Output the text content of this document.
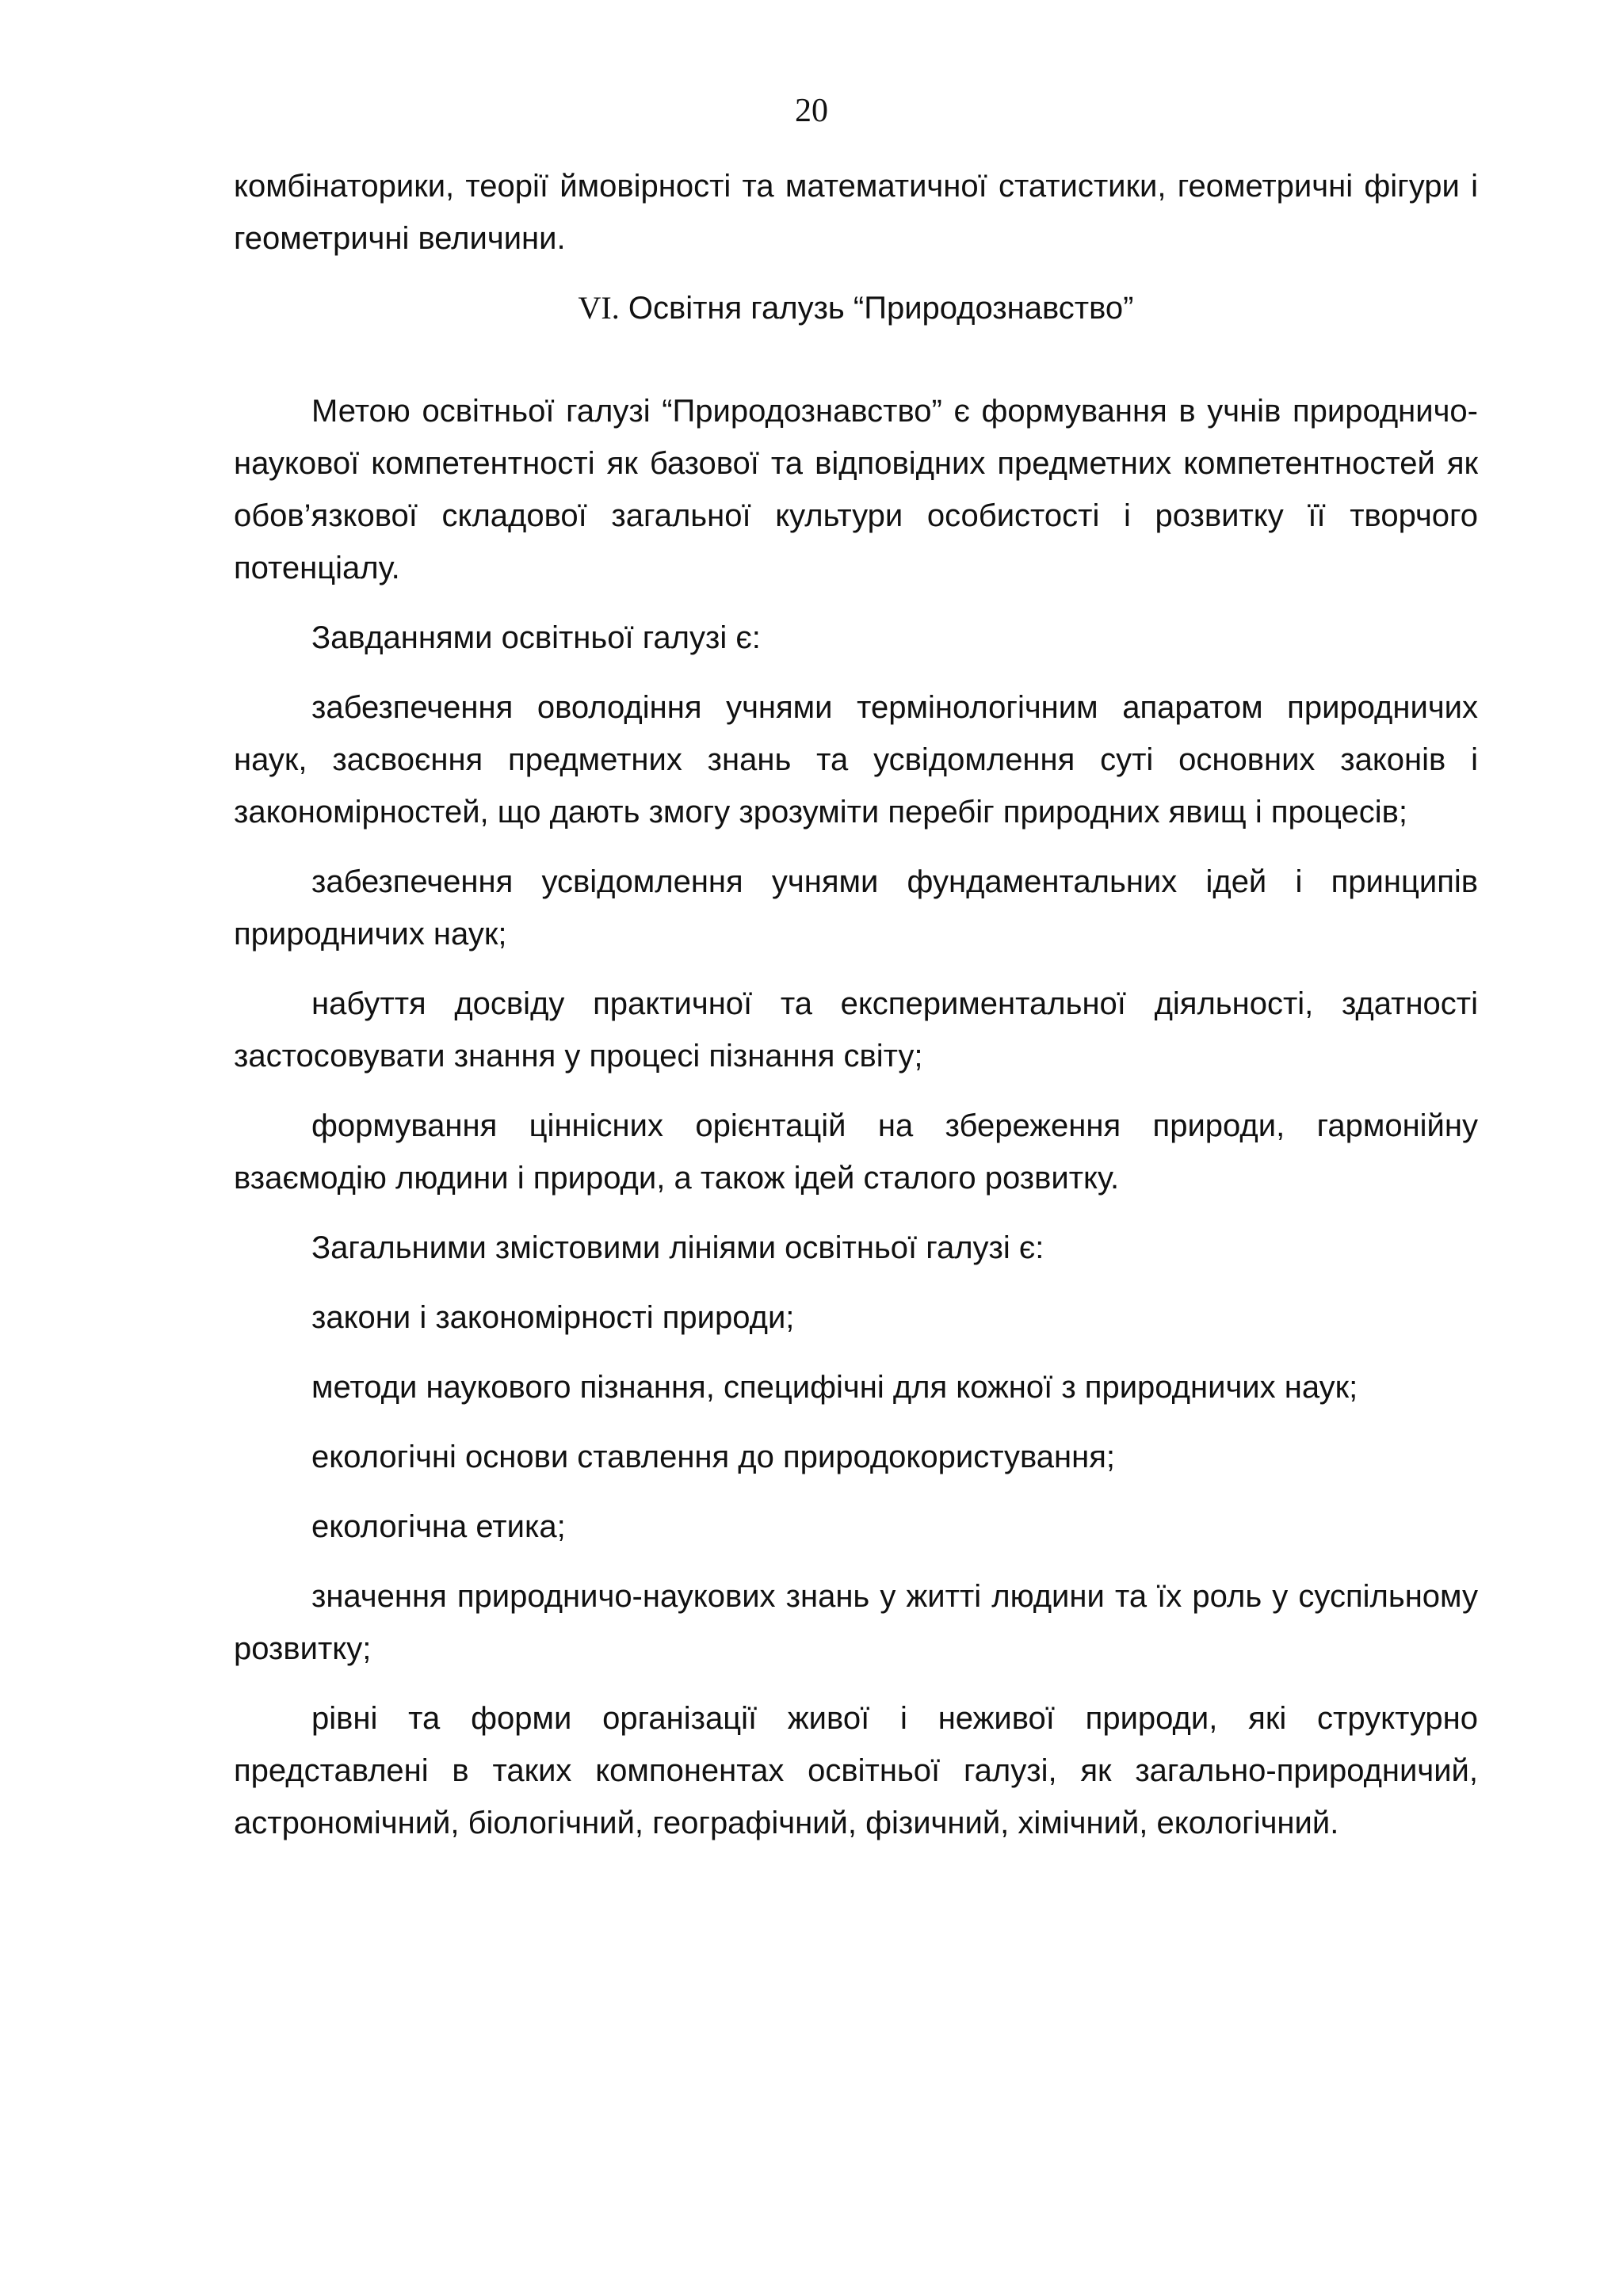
20

комбінаторики, теорії ймовірності та математичної статистики, геометричні фігури і геометричні величини.

VI. Освітня галузь “Природознавство”

Метою освітньої галузі “Природознавство” є формування в учнів природничо-наукової компетентності як базової та відповідних предметних компетентностей як обов’язкової складової загальної культури особистості і розвитку її творчого потенціалу.

Завданнями освітньої галузі є:

забезпечення оволодіння учнями термінологічним апаратом природничих наук, засвоєння предметних знань та усвідомлення суті основних законів і закономірностей, що дають змогу зрозуміти перебіг природних явищ і процесів;

забезпечення усвідомлення учнями фундаментальних ідей і принципів природничих наук;

набуття досвіду практичної та експериментальної діяльності, здатності застосовувати знання у процесі пізнання світу;

формування ціннісних орієнтацій на збереження природи, гармонійну взаємодію людини і природи, а також ідей сталого розвитку.

Загальними змістовими лініями освітньої галузі є:

закони і закономірності природи;

методи наукового пізнання, специфічні для кожної з природничих наук;

екологічні основи ставлення до природокористування;

екологічна етика;

значення природничо-наукових знань у житті людини та їх роль у суспільному розвитку;

рівні та форми організації живої і неживої природи, які структурно представлені в таких компонентах освітньої галузі, як загально-природничий, астрономічний, біологічний, географічний, фізичний, хімічний, екологічний.
